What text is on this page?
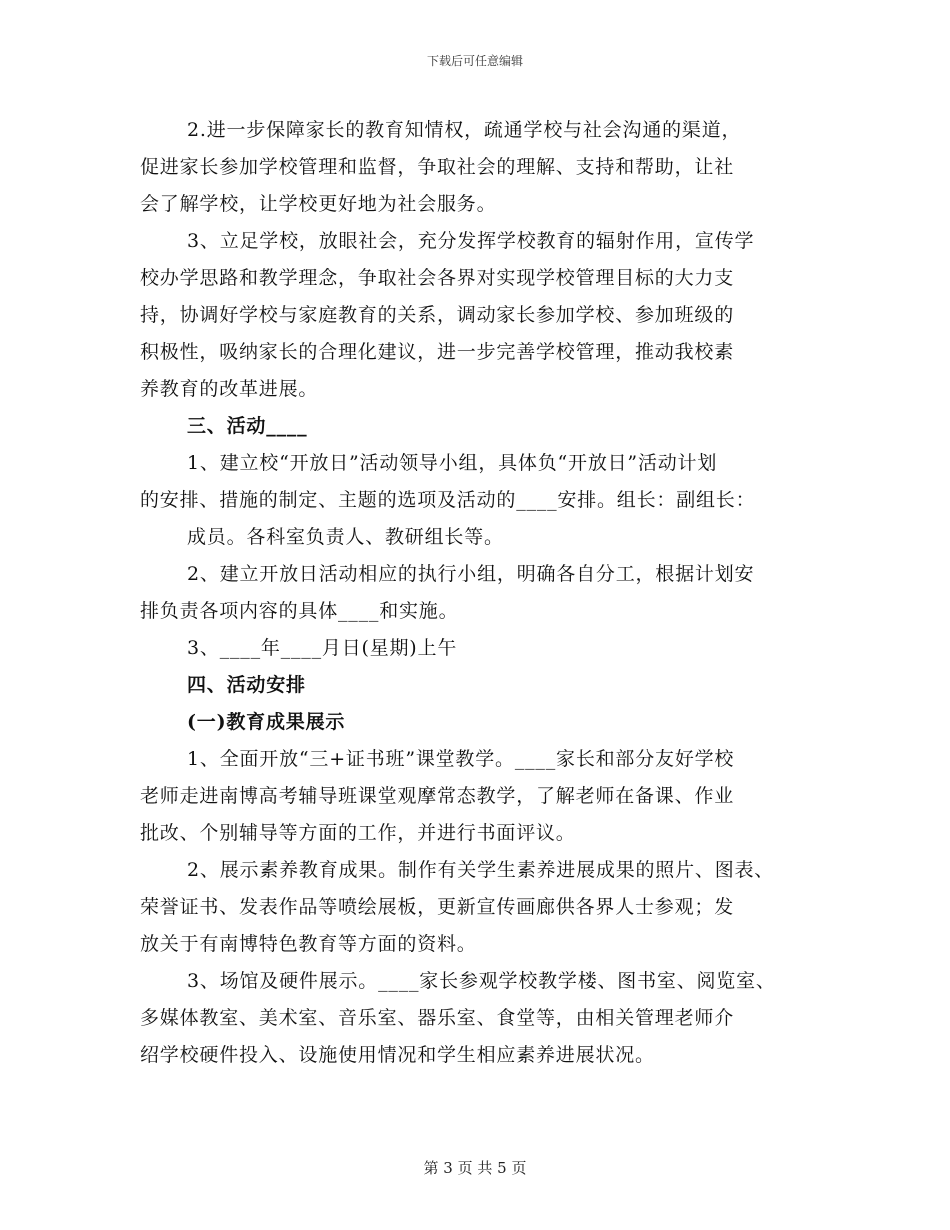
下载后可任意编辑
2.进一步保障家长的教育知情权，疏通学校与社会沟通的渠道，
促进家长参加学校管理和监督，争取社会的理解、支持和帮助，让社
会了解学校，让学校更好地为社会服务。
3、立足学校，放眼社会，充分发挥学校教育的辐射作用，宣传学
校办学思路和教学理念，争取社会各界对实现学校管理目标的大力支
持，协调好学校与家庭教育的关系，调动家长参加学校、参加班级的
积极性，吸纳家长的合理化建议，进一步完善学校管理，推动我校素
养教育的改革进展。
三、活动____
1、建立校“开放日”活动领导小组，具体负“开放日”活动计划
的安排、措施的制定、主题的选项及活动的____安排。组长：副组长：
成员。各科室负责人、教研组长等。
2、建立开放日活动相应的执行小组，明确各自分工，根据计划安
排负责各项内容的具体____和实施。
3、____年____月日(星期)上午
四、活动安排
(一)教育成果展示
1、全面开放“三+证书班”课堂教学。____家长和部分友好学校
老师走进南博高考辅导班课堂观摩常态教学，了解老师在备课、作业
批改、个别辅导等方面的工作，并进行书面评议。
2、展示素养教育成果。制作有关学生素养进展成果的照片、图表、
荣誉证书、发表作品等喷绘展板，更新宣传画廊供各界人士参观；发
放关于有南博特色教育等方面的资料。
3、场馆及硬件展示。____家长参观学校教学楼、图书室、阅览室、
多媒体教室、美术室、音乐室、器乐室、食堂等，由相关管理老师介
绍学校硬件投入、设施使用情况和学生相应素养进展状况。
第 3 页 共 5 页
